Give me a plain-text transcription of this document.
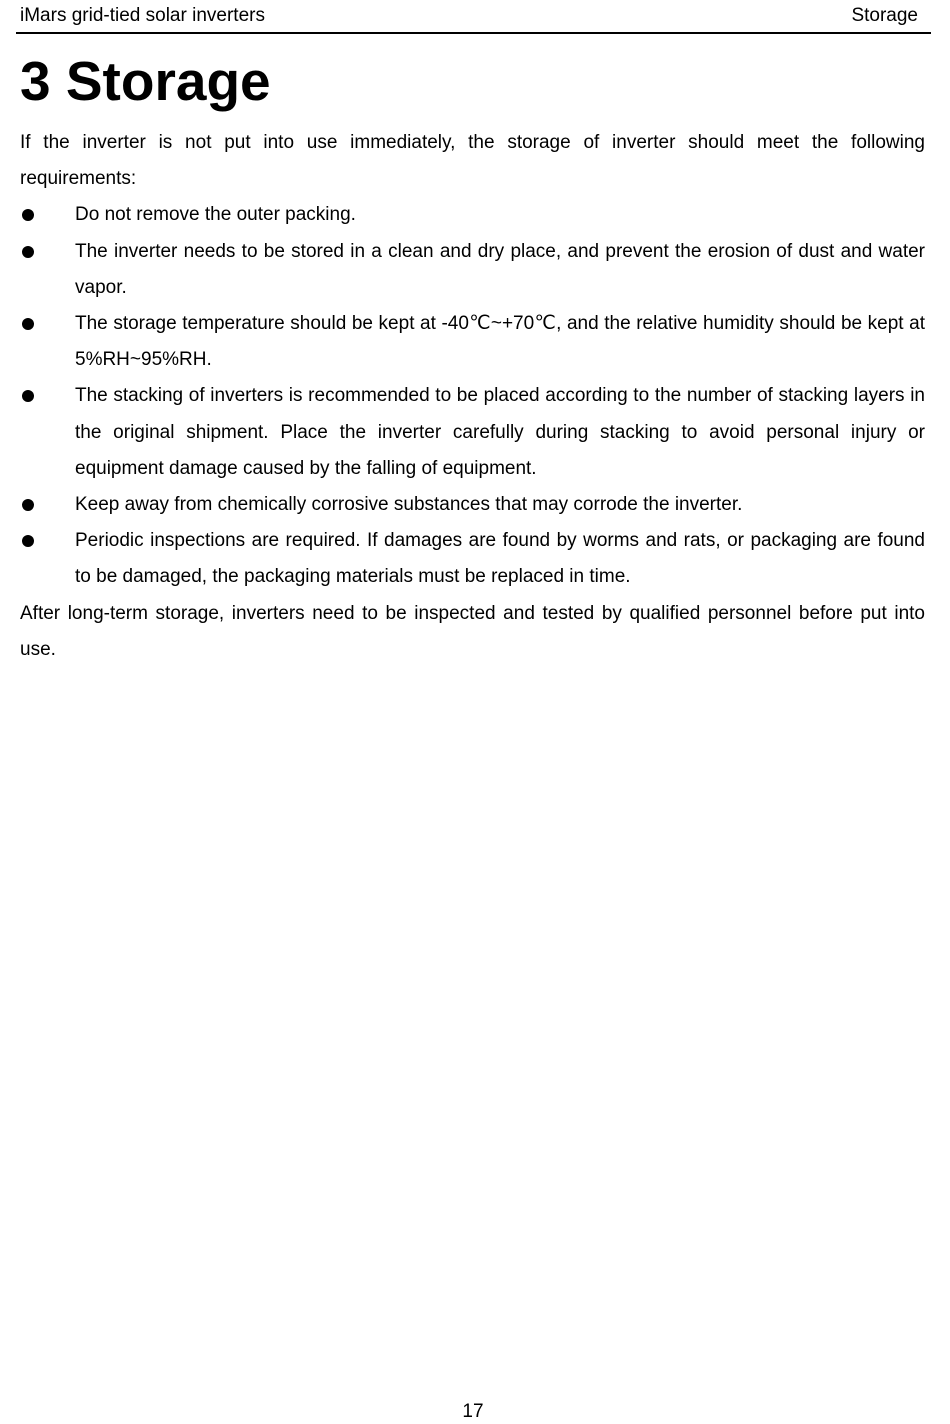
iMars grid-tied solar inverters	Storage
3 Storage

If the inverter is not put into use immediately, the storage of inverter should meet the following requirements:

Do not remove the outer packing.
The inverter needs to be stored in a clean and dry place, and prevent the erosion of dust and water vapor.
The storage temperature should be kept at -40℃~+70℃, and the relative humidity should be kept at 5%RH~95%RH.
The stacking of inverters is recommended to be placed according to the number of stacking layers in the original shipment. Place the inverter carefully during stacking to avoid personal injury or equipment damage caused by the falling of equipment.
Keep away from chemically corrosive substances that may corrode the inverter.
Periodic inspections are required. If damages are found by worms and rats, or packaging are found to be damaged, the packaging materials must be replaced in time.

After long-term storage, inverters need to be inspected and tested by qualified personnel before put into use.

17
